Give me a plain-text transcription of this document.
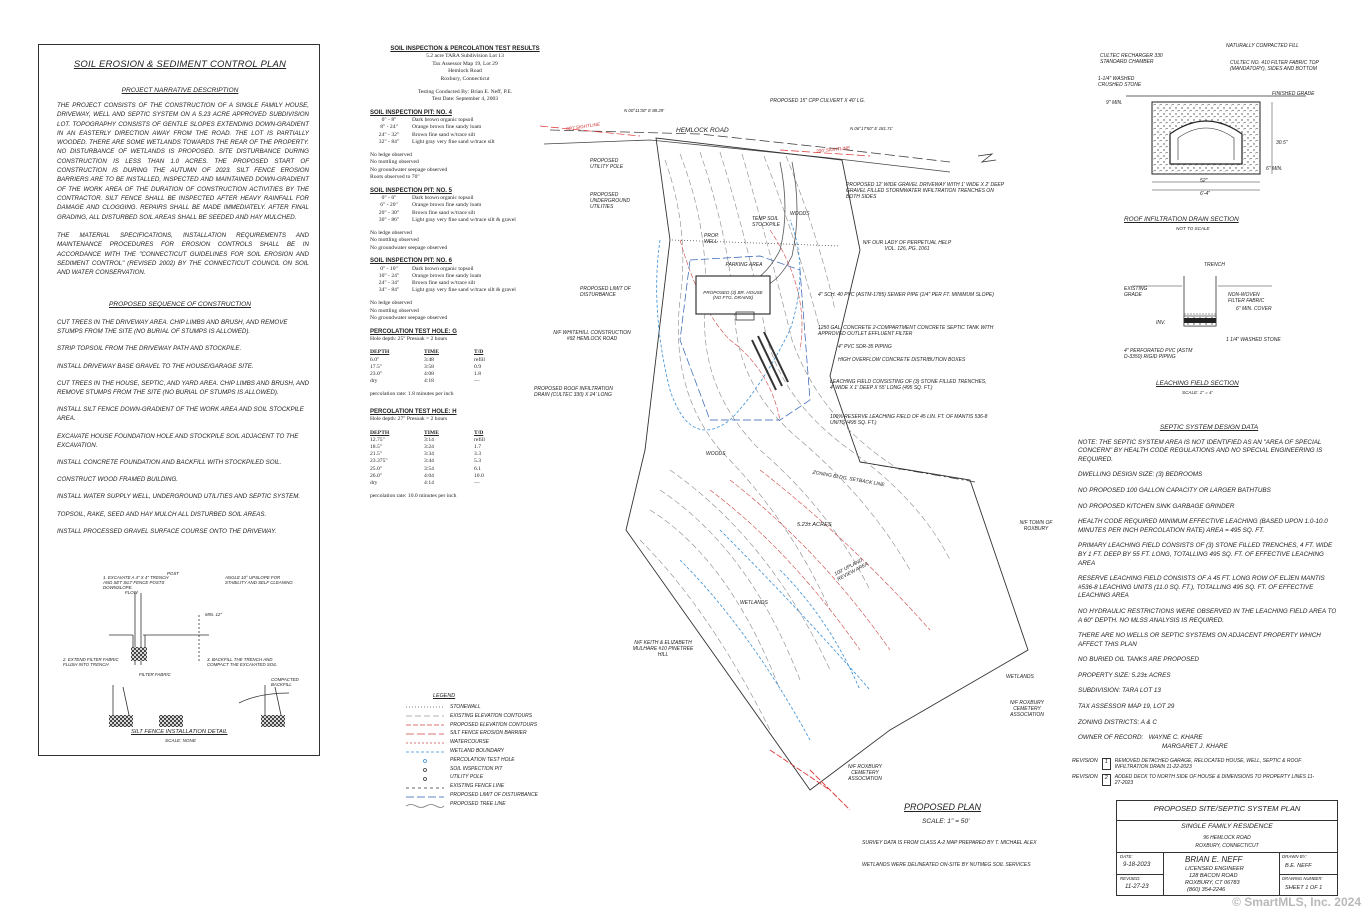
SOIL EROSION & SEDIMENT CONTROL PLAN
PROJECT NARRATIVE DESCRIPTION
THE PROJECT CONSISTS OF THE CONSTRUCTION OF A SINGLE FAMILY HOUSE, DRIVEWAY, WELL AND SEPTIC SYSTEM ON A 5.23 ACRE APPROVED SUBDIVISION LOT. TOPOGRAPHY CONSISTS OF GENTLE SLOPES EXTENDING DOWN-GRADIENT IN AN EASTERLY DIRECTION AWAY FROM THE ROAD. THE LOT IS PARTIALLY WOODED. THERE ARE SOME WETLANDS TOWARDS THE REAR OF THE PROPERTY. NO DISTURBANCE OF WETLANDS IS PROPOSED. SITE DISTURBANCE DURING CONSTRUCTION IS LESS THAN 1.0 ACRES. THE PROPOSED START OF CONSTRUCTION IS DURING THE AUTUMN OF 2023. SILT FENCE EROSION BARRIERS ARE TO BE INSTALLED, INSPECTED AND MAINTAINED DOWN-GRADIENT OF THE WORK AREA OF THE DURATION OF CONSTRUCTION ACTIVITIES BY THE CONTRACTOR. SILT FENCE SHALL BE INSPECTED AFTER HEAVY RAINFALL FOR DAMAGE AND CLOGGING. REPAIRS SHALL BE MADE IMMEDIATELY. AFTER FINAL GRADING, ALL DISTURBED SOIL AREAS SHALL BE SEEDED AND HAY MULCHED.
THE MATERIAL SPECIFICATIONS, INSTALLATION REQUIREMENTS AND MAINTENANCE PROCEDURES FOR EROSION CONTROLS SHALL BE IN ACCORDANCE WITH THE "CONNECTICUT GUIDELINES FOR SOIL EROSION AND SEDIMENT CONTROL" (REVISED 2002) BY THE CONNECTICUT COUNCIL ON SOIL AND WATER CONSERVATION.
PROPOSED SEQUENCE OF CONSTRUCTION
CUT TREES IN THE DRIVEWAY AREA. CHIP LIMBS AND BRUSH, AND REMOVE STUMPS FROM THE SITE (NO BURIAL OF STUMPS IS ALLOWED).
STRIP TOPSOIL FROM THE DRIVEWAY PATH AND STOCKPILE.
INSTALL DRIVEWAY BASE GRAVEL TO THE HOUSE/GARAGE SITE.
CUT TREES IN THE HOUSE, SEPTIC, AND YARD AREA. CHIP LIMBS AND BRUSH, AND REMOVE STUMPS FROM THE SITE (NO BURIAL OF STUMPS IS ALLOWED).
INSTALL SILT FENCE DOWN-GRADIENT OF THE WORK AREA AND SOIL STOCKPILE AREA.
EXCAVATE HOUSE FOUNDATION HOLE AND STOCKPILE SOIL ADJACENT TO THE EXCAVATION.
INSTALL CONCRETE FOUNDATION AND BACKFILL WITH STOCKPILED SOIL.
CONSTRUCT WOOD FRAMED BUILDING.
INSTALL WATER SUPPLY WELL, UNDERGROUND UTILITIES AND SEPTIC SYSTEM.
TOPSOIL, RAKE, SEED AND HAY MULCH ALL DISTURBED SOIL AREAS.
INSTALL PROCESSED GRAVEL SURFACE COURSE ONTO THE DRIVEWAY.
1. EXCAVATE A 4" X 4" TRENCH AND SET SILT FENCE POSTS DOWNSLOPE.
POST
ANGLE 10° UPSLOPE FOR STABILITY AND SELF CLEANING
FLOW
MIN. 12"
2. EXTEND FILTER FABRIC FLUSH INTO TRENCH
FILTER FABRIC
3. BACKFILL THE TRENCH AND COMPACT THE EXCAVATED SOIL
COMPACTED BACKFILL
SILT FENCE INSTALLATION DETAIL
SCALE: NONE
SOIL INSPECTION & PERCOLATION TEST RESULTS
5.2 acre TARA Subdivision Lot 13
Tax Assessor Map 19, Lot 29
Hemlock Road
Roxbury, Connecticut
Testing Conducted By: Brian E. Neff, P.E.
Test Date: September 4, 2003
SOIL INSPECTION PIT: NO. 4
0" - 8"	Dark brown organic topsoil
8" - 24"	Orange brown fine sandy loam
24" - 32"	Brown fine sand w/trace silt
32" - 84"	Light gray very fine sand w/trace silt
No ledge observed
No mottling observed
No groundwater seepage observed
Roots observed to 70"
SOIL INSPECTION PIT: NO. 5
0" - 6"	Dark brown organic topsoil
6" - 20"	Orange brown fine sandy loam
20" - 30"	Brown fine sand w/trace silt
30" - 86"	Light gray very fine sand w/trace silt & gravel
No ledge observed
No mottling observed
No groundwater seepage observed
SOIL INSPECTION PIT: NO. 6
0" - 10"	Dark brown organic topsoil
10" - 24"	Orange brown fine sandy loam
24" - 34"	Brown fine sand w/trace silt
34" - 84"	Light gray very fine sand w/trace silt & gravel
No ledge observed
No mottling observed
No groundwater seepage observed
PERCOLATION TEST HOLE: G
Hole depth: 25" Presoak = 2 hours
DEPTH	TIME	T/D
6.0"	3:48	refill
17.5"	3:58	0.9
23.0"	4:08	1.8
dry	4:18	—
percolation rate: 1.8 minutes per inch
PERCOLATION TEST HOLE: H
Hole depth: 27" Presoak = 2 hours
DEPTH	TIME	T/D
12.75"	3:14	refill
18.5"	3:24	1.7
21.5"	3:34	3.3
23.375"	3:44	5.3
25.0"	3:54	6.1
26.0"	4:04	10.0
dry	4:14	—
percolation rate: 10.0 minutes per inch
HEMLOCK ROAD
200' SIGHTLINE
200' SIGHTLINE
N 00°11'30" E 88.29'
N 06°17'50" E 181.71'
PROPOSED 15" CPP CULVERT X 40' LG.
PROPOSED UTILITY POLE
PROPOSED UNDERGROUND UTILITIES
PROPOSED 12' WIDE GRAVEL DRIVEWAY WITH 1' WIDE X 2' DEEP GRAVEL FILLED STORMWATER INFILTRATION TRENCHES ON BOTH SIDES
WOODS
TEMP SOIL STOCKPILE
PROP. WELL
PARKING AREA
PROPOSED (3) BR. HOUSE (NO FTG. DRAINS)
N/F OUR LADY OF PERPETUAL HELP VOL. 126, PG. 1061
PROPOSED LIMIT OF DISTURBANCE	4" SCH. 40 PVC (ASTM-1785) SEWER PIPE (1/4" PER FT. MINIMUM SLOPE)
1250 GAL. CONCRETE 2-COMPARTMENT CONCRETE SEPTIC TANK WITH APPROVED OUTLET EFFLUENT FILTER
4" PVC SDR-35 PIPING
HIGH OVERFLOW CONCRETE DISTRIBUTION BOXES
LEACHING FIELD CONSISTING OF (3) STONE FILLED TRENCHES, 4' WIDE X 1' DEEP X 55' LONG (495 SQ. FT.)
100% RESERVE LEACHING FIELD OF 45 LIN. FT. OF MANTIS 536-8 UNITS (495 SQ. FT.)
N/F WHITEHILL CONSTRUCTION #92 HEMLOCK ROAD
PROPOSED ROOF INFILTRATION DRAIN (CULTEC 330) X 24' LONG
WOODS
ZONING BLDG. SETBACK LINE
5.23± ACRES	N/F TOWN OF ROXBURY
100' UPLAND REVIEW AREA
WETLANDS
N/F KEITH & ELIZABETH MULHARE #10 PINETREE HILL
WETLANDS
N/F ROXBURY CEMETERY ASSOCIATION
N/F ROXBURY CEMETERY ASSOCIATION
PROPOSED PLAN
SCALE: 1" = 50'
SURVEY DATA IS FROM CLASS A-2 MAP PREPARED BY T. MICHAEL ALEX
WETLANDS WERE DELINEATED ON-SITE BY NUTMEG SOIL SERVICES
LEGEND
STONEWALL
EXISTING ELEVATION CONTOURS
PROPOSED ELEVATION CONTOURS
SILT FENCE EROSION BARRIER
WATERCOURSE
WETLAND BOUNDARY
PERCOLATION TEST HOLE
SOIL INSPECTION PIT
UTILITY POLE
EXISTING FENCE LINE
PROPOSED LIMIT OF DISTURBANCE
PROPOSED TREE LINE
CULTEC RECHARGER 330 STANDARD CHAMBER
NATURALLY COMPACTED FILL
CULTEC NO. 410 FILTER FABRIC TOP (MANDATORY), SIDES AND BOTTOM
1-1/4" WASHED CRUSHED STONE
FINISHED GRADE
9" MIN.
52"
30.5"
6'-4"
6" MIN.
ROOF INFILTRATION DRAIN SECTION
NOT TO SCALE
TRENCH
EXISTING GRADE	NON-WOVEN FILTER FABRIC
6" MIN. COVER
INV.
4" PERFORATED PVC (ASTM D-3350) RIGID PIPING
1 1/4" WASHED STONE
LEACHING FIELD SECTION
SCALE: 1" = 4'
SEPTIC SYSTEM DESIGN DATA

NOTE: THE SEPTIC SYSTEM AREA IS NOT IDENTIFIED AS AN "AREA OF SPECIAL CONCERN" BY HEALTH CODE REGULATIONS AND NO SPECIAL ENGINEERING IS REQUIRED.

DWELLING DESIGN SIZE: (3) BEDROOMS

NO PROPOSED 100 GALLON CAPACITY OR LARGER BATHTUBS

NO PROPOSED KITCHEN SINK GARBAGE GRINDER

HEALTH CODE REQUIRED MINIMUM EFFECTIVE LEACHING (BASED UPON 1.0-10.0 MINUTES PER INCH PERCOLATION RATE) AREA = 495 SQ. FT.

PRIMARY LEACHING FIELD CONSISTS OF (3) STONE FILLED TRENCHES, 4 FT. WIDE BY 1 FT. DEEP BY 55 FT. LONG, TOTALLING 495 SQ. FT. OF EFFECTIVE LEACHING AREA

RESERVE LEACHING FIELD CONSISTS OF A 45 FT. LONG ROW OF ELJEN MANTIS #536-8 LEACHING UNITS (11.0 SQ. FT.), TOTALLING 495 SQ. FT. OF EFFECTIVE LEACHING AREA

NO HYDRAULIC RESTRICTIONS WERE OBSERVED IN THE LEACHING FIELD AREA TO A 60" DEPTH. NO MLSS ANALYSIS IS REQUIRED.

THERE ARE NO WELLS OR SEPTIC SYSTEMS ON ADJACENT PROPERTY WHICH AFFECT THIS PLAN

NO BURIED OIL TANKS ARE PROPOSED

PROPERTY SIZE: 5.23± ACRES

SUBDIVISION: TARA LOT 13

TAX ASSESSOR MAP 19, LOT 29

ZONING DISTRICTS: A & C

OWNER OF RECORD: WAYNE C. KHARE

MARGARET J. KHARE

REVISION	1	REMOVED DETACHED GARAGE, RELOCATED HOUSE, WELL, SEPTIC & ROOF INFILTRATION DRAIN 11-22-2023
REVISION	2	ADDED DECK TO NORTH SIDE OF HOUSE & DIMENSIONS TO PROPERTY LINES 11-27-2023
PROPOSED SITE/SEPTIC SYSTEM PLAN
SINGLE FAMILY RESIDENCE
96 HEMLOCK ROAD
ROXBURY, CONNECTICUT
DATE:
9-18-2023
REVISED:
11-27-23
BRIAN E. NEFF
LICENSED ENGINEER
128 BACON ROAD
ROXBURY, CT 06783
(860) 354-2246
DRAWN BY:
B.E. NEFF
DRAWING NUMBER:
SHEET 1 OF 1
© SmartMLS, Inc. 2024
